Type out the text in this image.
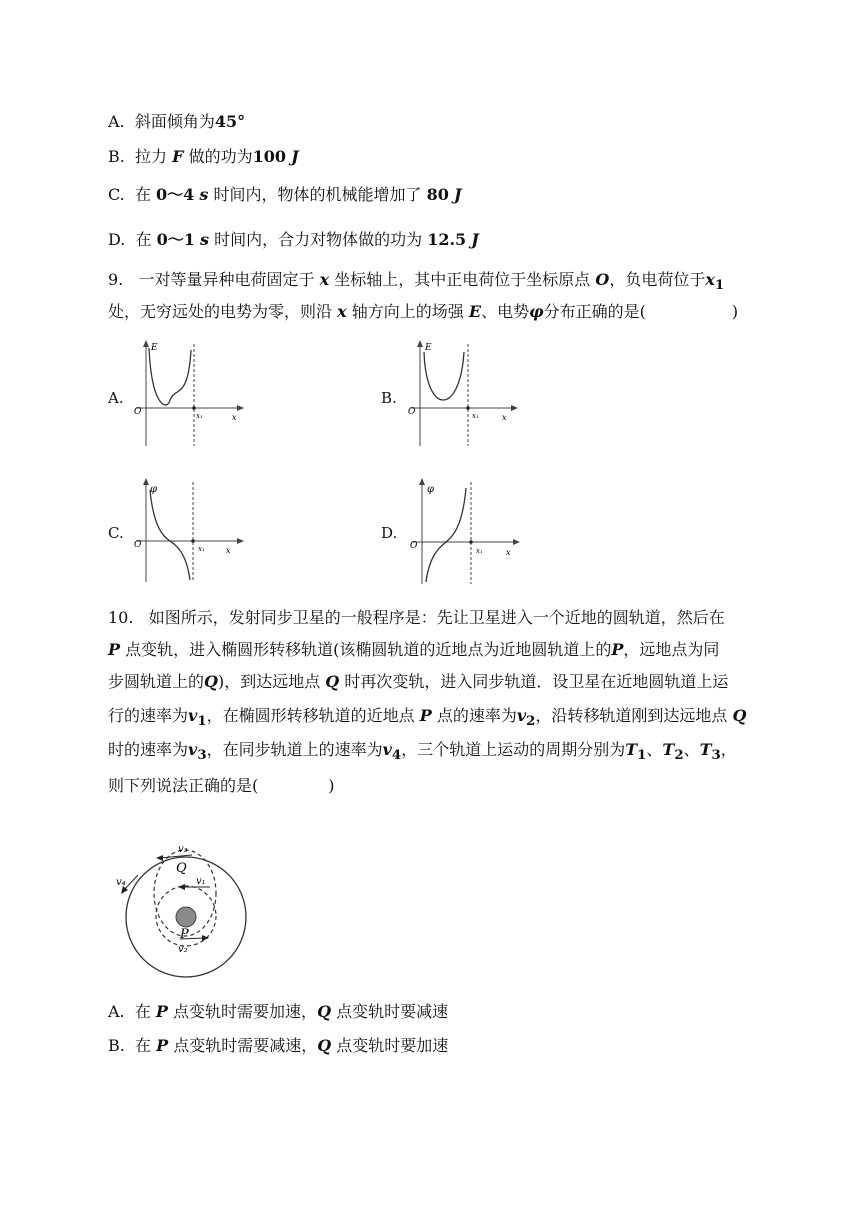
A. 斜面倾角为45°
B. 拉力 F 做的功为100 J
C. 在 0～4 s 时间内，物体的机械能增加了 80 J
D. 在 0～1 s 时间内，合力对物体做的功为 12.5 J
9. 一对等量异种电荷固定于 x 坐标轴上，其中正电荷位于坐标原点 O，负电荷位于$x_1$
处，无穷远处的电势为零，则沿 x 轴方向上的场强 E、电势φ分布正确的是(	)
A.	B.
C.	D.
E
O	x₁	x
E
O	x₁	x
φ
O	x₁	x
φ
O	x₁	x
10. 如图所示，发射同步卫星的一般程序是：先让卫星进入一个近地的圆轨道，然后在
P 点变轨，进入椭圆形转移轨道(该椭圆轨道的近地点为近地圆轨道上的P，远地点为同
步圆轨道上的Q)，到达远地点 Q 时再次变轨，进入同步轨道．设卫星在近地圆轨道上运
行的速率为$v_1$，在椭圆形转移轨道的近地点 P 点的速率为$v_2$，沿转移轨道刚到达远地点 Q
时的速率为$v_3$，在同步轨道上的速率为$v_4$，三个轨道上运动的周期分别为$T_1$、$T_2$、$T_3$，
则下列说法正确的是(	)
v₃
Q
v₁
v₄
P
v₂
A. 在 P 点变轨时需要加速，Q 点变轨时要减速
B. 在 P 点变轨时需要减速，Q 点变轨时要加速
